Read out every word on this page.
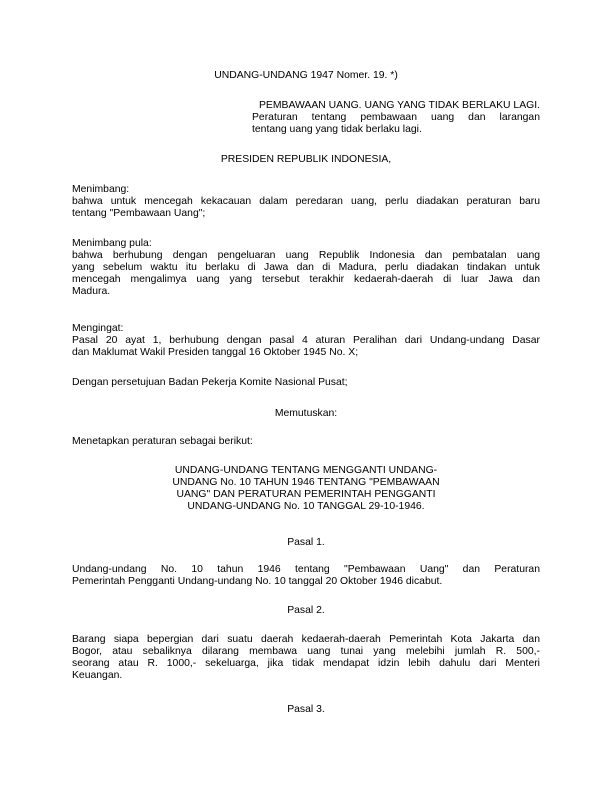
UNDANG-UNDANG 1947 Nomer. 19. *)
PEMBAWAAN UANG. UANG YANG TIDAK BERLAKU LAGI.
Peraturan tentang pembawaan uang dan larangan
tentang uang yang tidak berlaku lagi.
PRESIDEN REPUBLIK INDONESIA,
Menimbang:
bahwa untuk mencegah kekacauan dalam peredaran uang, perlu diadakan peraturan baru
tentang "Pembawaan Uang";
Menimbang pula:
bahwa berhubung dengan pengeluaran uang Republik Indonesia dan pembatalan uang
yang sebelum waktu itu berlaku di Jawa dan di Madura, perlu diadakan tindakan untuk
mencegah mengalimya uang yang tersebut terakhir kedaerah-daerah di luar Jawa dan
Madura.
Mengingat:
Pasal 20 ayat 1, berhubung dengan pasal 4 aturan Peralihan dari Undang-undang Dasar
dan Maklumat Wakil Presiden tanggal 16 Oktober 1945 No. X;
Dengan persetujuan Badan Pekerja Komite Nasional Pusat;
Memutuskan:
Menetapkan peraturan sebagai berikut:
UNDANG-UNDANG TENTANG MENGGANTI UNDANG-
UNDANG No. 10 TAHUN 1946 TENTANG "PEMBAWAAN
UANG" DAN PERATURAN PEMERINTAH PENGGANTI
UNDANG-UNDANG No. 10 TANGGAL 29-10-1946.
Pasal 1.
Undang-undang No. 10 tahun 1946 tentang "Pembawaan Uang" dan Peraturan
Pemerintah Pengganti Undang-undang No. 10 tanggal 20 Oktober 1946 dicabut.
Pasal 2.
Barang siapa bepergian dari suatu daerah kedaerah-daerah Pemerintah Kota Jakarta dan
Bogor, atau sebaliknya dilarang membawa uang tunai yang melebihi jumlah R. 500,-
seorang atau R. 1000,- sekeluarga, jika tidak mendapat idzin lebih dahulu dari Menteri
Keuangan.
Pasal 3.
